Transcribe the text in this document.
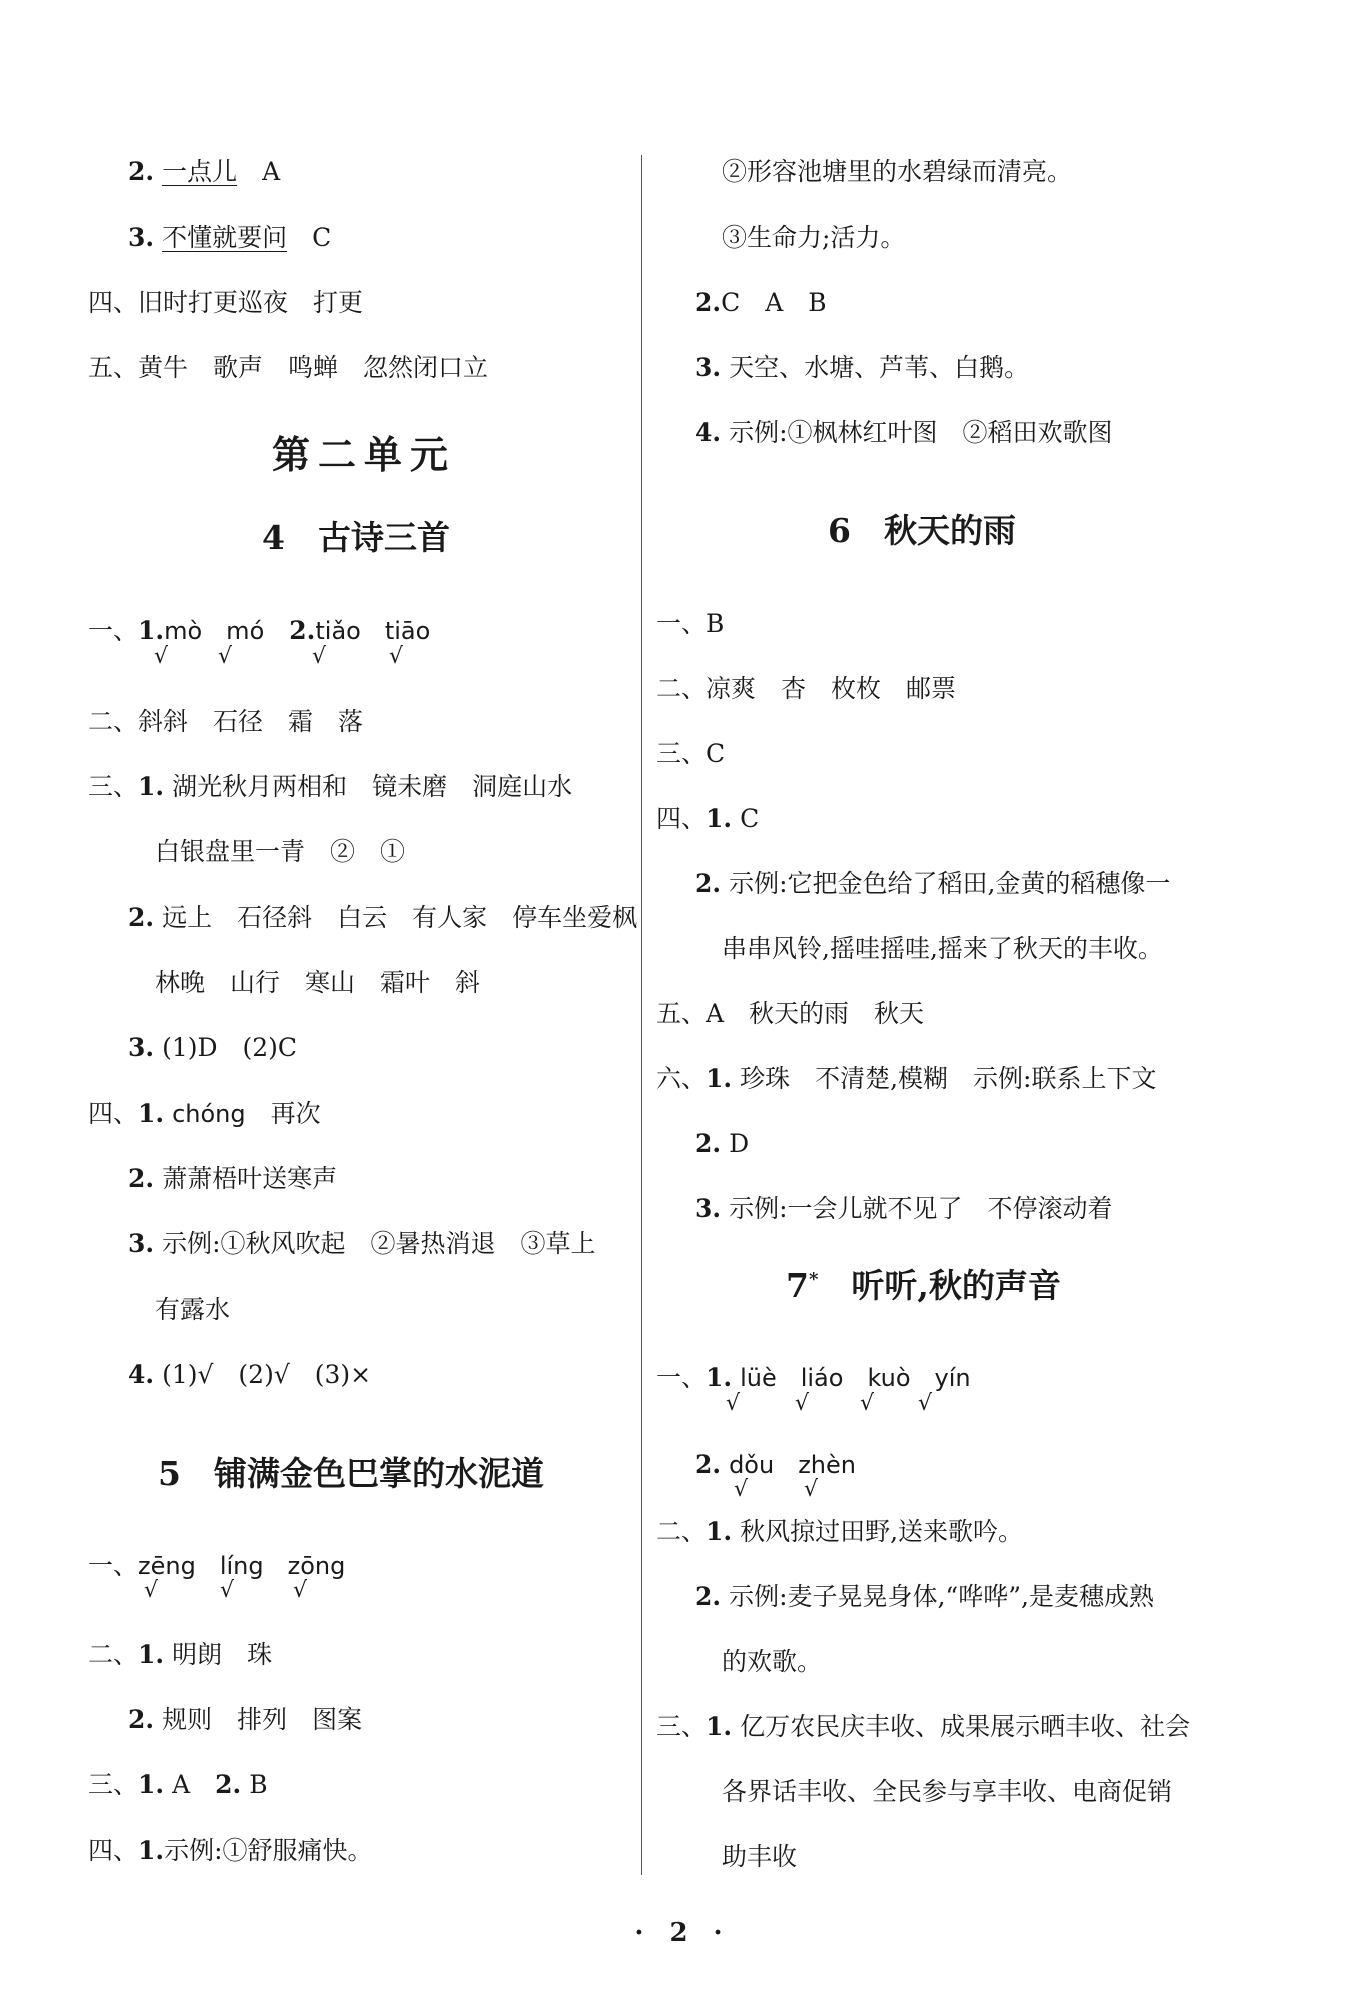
2. 一点儿　 A
3. 不懂就要问　 C
四、旧时打更巡夜　打更
五、黄牛　歌声　鸣蝉　忽然闭口立
第二单元
4　古诗三首
一、1.mò　mó　 2.tiǎo　tiāo
√ √	√	√
二、斜斜　石径　霜　落
三、1. 湖光秋月两相和　镜未磨　洞庭山水
白银盘里一青　②　①
2. 远上　石径斜　白云　有人家　停车坐爱枫
林晚　山行　寒山　霜叶　斜
3. (1)D　(2)C
四、1. chóng　 再次
2. 萧萧梧叶送寒声
3. 示例:①秋风吹起　②暑热消退　③草上
有露水
4. (1)√　(2)√　(3)×
5　铺满金色巴掌的水泥道
一、zēng　líng　zōng
√	√	√
二、1. 明朗　珠
2. 规则　排列　图案
三、1. A　 2. B
四、1.示例:①舒服痛快。
②形容池塘里的水碧绿而清亮。
③生命力;活力。
2.C　A　B
3. 天空、水塘、芦苇、白鹅。
4. 示例:①枫林红叶图　②稻田欢歌图
6　秋天的雨
一、B
二、凉爽　杏　枚枚　邮票
三、C
四、1. C
2. 示例:它把金色给了稻田,金黄的稻穗像一
串串风铃,摇哇摇哇,摇来了秋天的丰收。
五、A　秋天的雨　秋天
六、1. 珍珠　不清楚,模糊　示例:联系上下文
2. D
3. 示例:一会儿就不见了　不停滚动着
7*　 听听,秋的声音
一、1. lüè　liáo　kuò　yín
√ √ √ √
2. dǒu　zhèn
√	√
二、1. 秋风掠过田野,送来歌吟。
2. 示例:麦子晃晃身体,“哗哗”,是麦穗成熟
的欢歌。
三、1. 亿万农民庆丰收、成果展示晒丰收、社会
各界话丰收、全民参与享丰收、电商促销
助丰收
·　2　·
